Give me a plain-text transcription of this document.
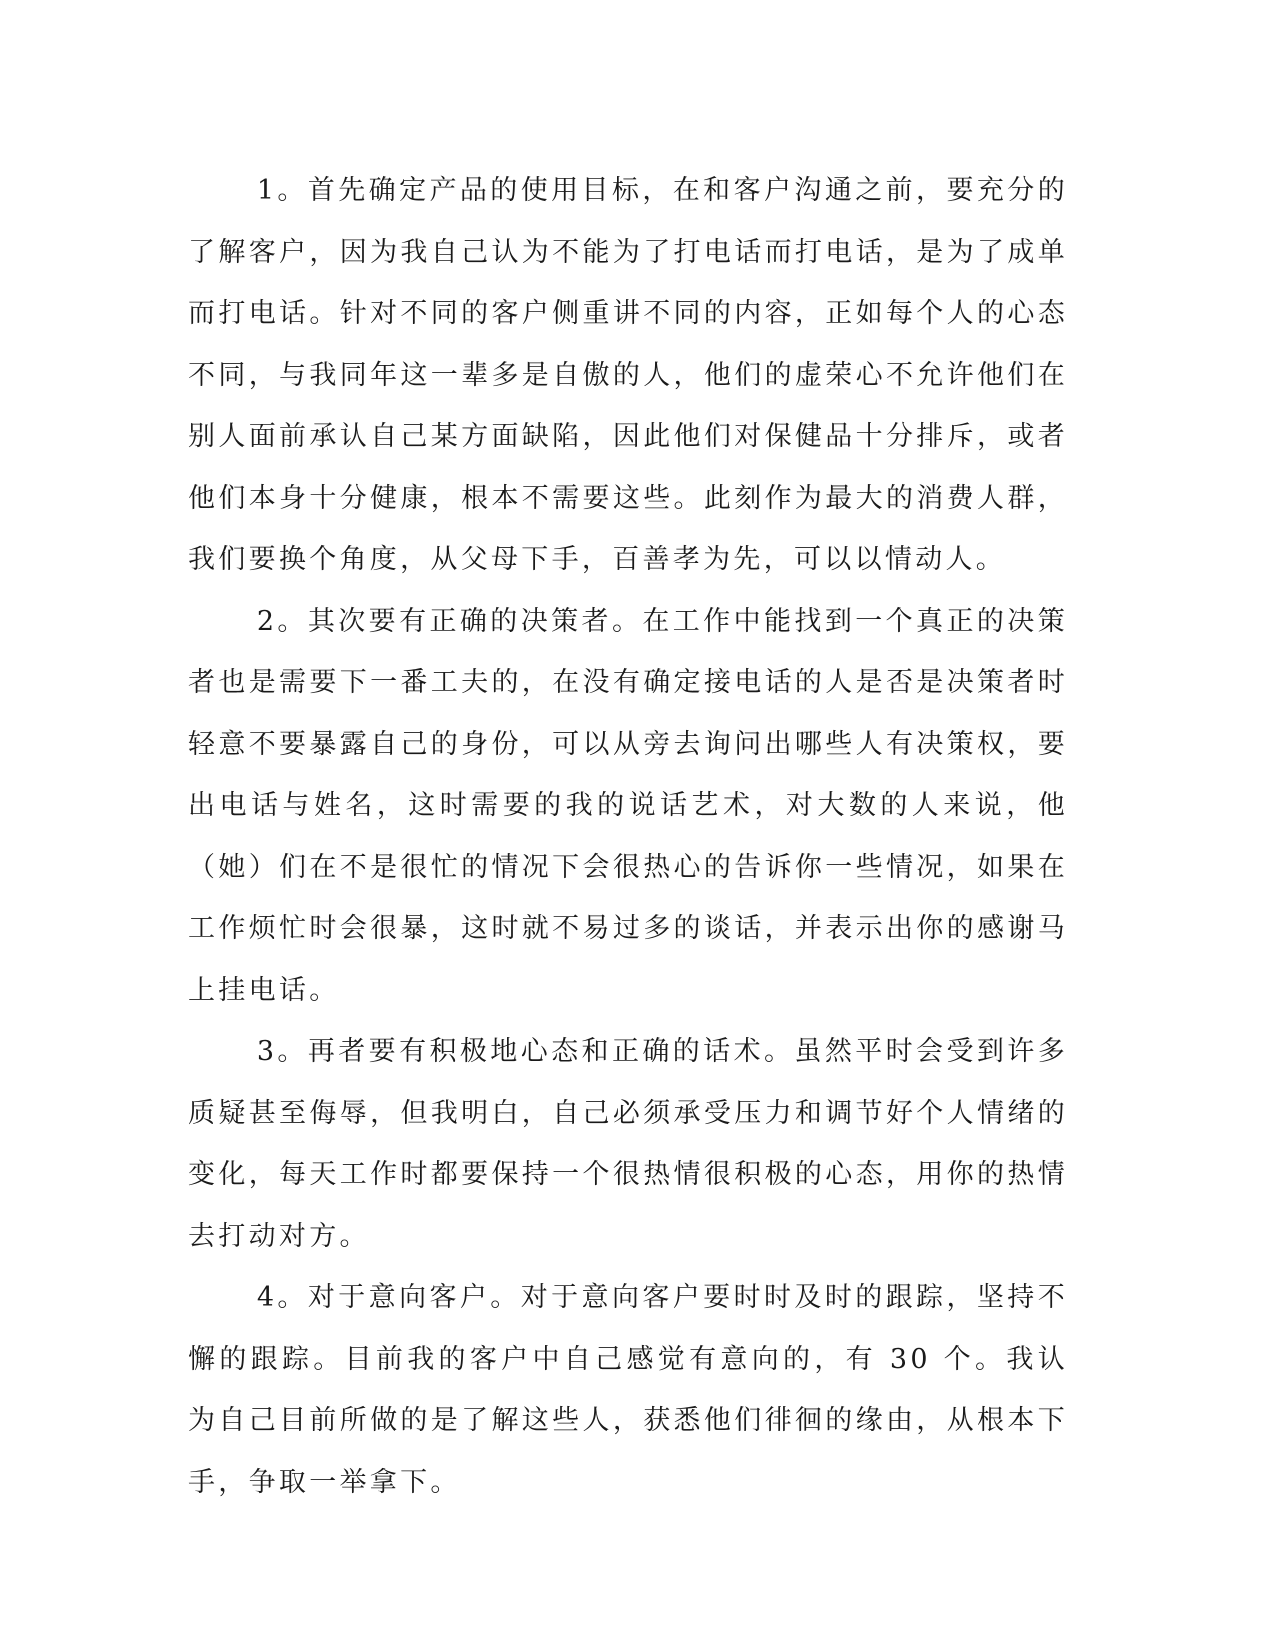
1。首先确定产品的使用目标，在和客户沟通之前，要充分的了解客户，因为我自己认为不能为了打电话而打电话，是为了成单而打电话。针对不同的客户侧重讲不同的内容，正如每个人的心态不同，与我同年这一辈多是自傲的人，他们的虚荣心不允许他们在别人面前承认自己某方面缺陷，因此他们对保健品十分排斥，或者他们本身十分健康，根本不需要这些。此刻作为最大的消费人群，我们要换个角度，从父母下手，百善孝为先，可以以情动人。

2。其次要有正确的决策者。在工作中能找到一个真正的决策者也是需要下一番工夫的，在没有确定接电话的人是否是决策者时轻意不要暴露自己的身份，可以从旁去询问出哪些人有决策权，要出电话与姓名，这时需要的我的说话艺术，对大数的人来说，他（她）们在不是很忙的情况下会很热心的告诉你一些情况，如果在工作烦忙时会很暴，这时就不易过多的谈话，并表示出你的感谢马上挂电话。

3。再者要有积极地心态和正确的话术。虽然平时会受到许多质疑甚至侮辱，但我明白，自己必须承受压力和调节好个人情绪的变化，每天工作时都要保持一个很热情很积极的心态，用你的热情去打动对方。

4。对于意向客户。对于意向客户要时时及时的跟踪，坚持不懈的跟踪。目前我的客户中自己感觉有意向的，有 30 个。我认为自己目前所做的是了解这些人，获悉他们徘徊的缘由，从根本下手，争取一举拿下。
